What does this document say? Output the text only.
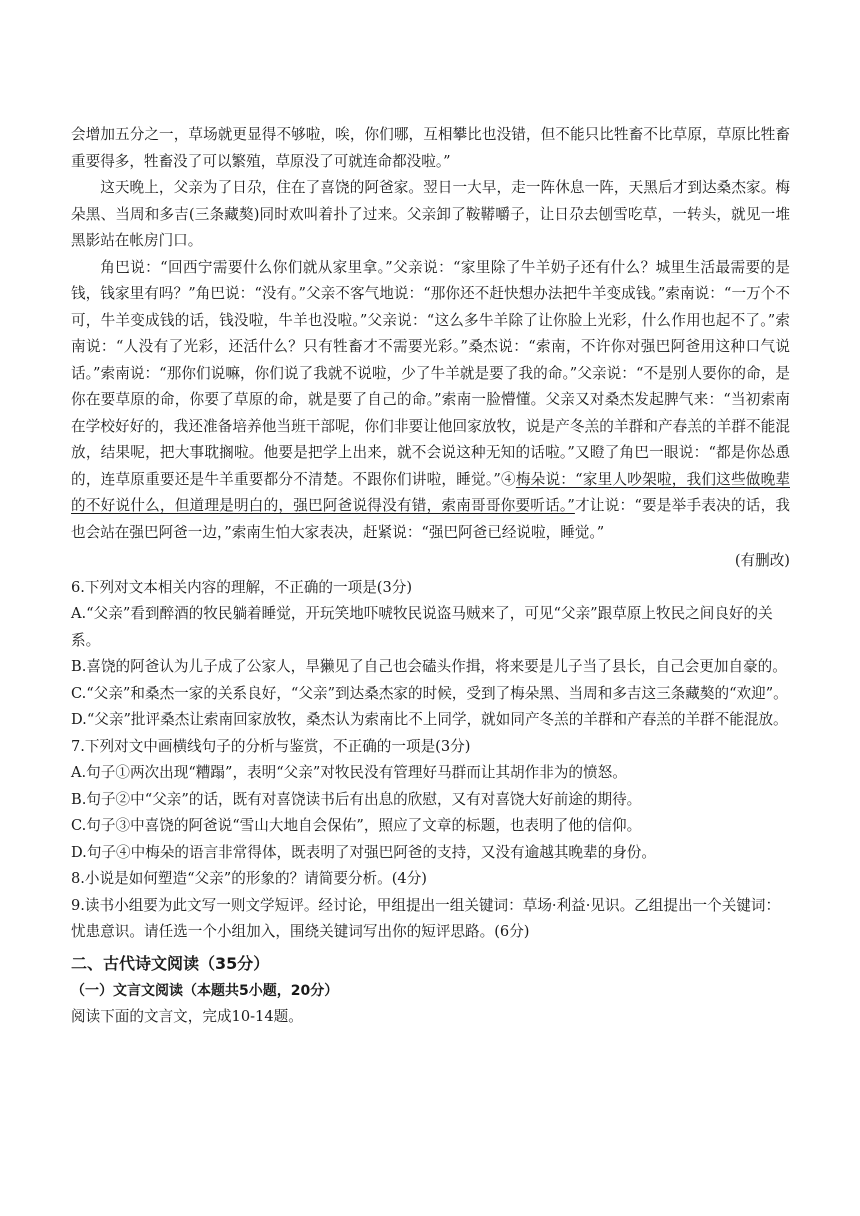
会增加五分之一，草场就更显得不够啦，唉，你们哪，互相攀比也没错，但不能只比牲畜不比草原，草原比牲畜重要得多，牲畜没了可以繁殖，草原没了可就连命都没啦。”

这天晚上，父亲为了日尕，住在了喜饶的阿爸家。翌日一大早，走一阵休息一阵，天黑后才到达桑杰家。梅朵黑、当周和多吉(三条藏獒)同时欢叫着扑了过来。父亲卸了鞍鞯嚼子，让日尕去刨雪吃草，一转头，就见一堆黑影站在帐房门口。

角巴说：“回西宁需要什么你们就从家里拿。”父亲说：“家里除了牛羊奶子还有什么？城里生活最需要的是钱，钱家里有吗？”角巴说：“没有。”父亲不客气地说：“那你还不赶快想办法把牛羊变成钱。”索南说：“一万个不可，牛羊变成钱的话，钱没啦，牛羊也没啦。”父亲说：“这么多牛羊除了让你脸上光彩，什么作用也起不了。”索南说：“人没有了光彩，还活什么？只有牲畜才不需要光彩。”桑杰说：“索南，不许你对强巴阿爸用这种口气说话。”索南说：“那你们说嘛，你们说了我就不说啦，少了牛羊就是要了我的命。”父亲说：“不是别人要你的命，是你在要草原的命，你要了草原的命，就是要了自己的命。”索南一脸懵懂。父亲又对桑杰发起脾气来：“当初索南在学校好好的，我还准备培养他当班干部呢，你们非要让他回家放牧，说是产冬羔的羊群和产春羔的羊群不能混放，结果呢，把大事耽搁啦。他要是把学上出来，就不会说这种无知的话啦。”又瞪了角巴一眼说：“都是你怂恿的，连草原重要还是牛羊重要都分不清楚。不跟你们讲啦，睡觉。”④梅朵说：“家里人吵架啦，我们这些做晚辈的不好说什么，但道理是明白的，强巴阿爸说得没有错，索南哥哥你要听话。”才让说：“要是举手表决的话，我也会站在强巴阿爸一边，”索南生怕大家表决，赶紧说：“强巴阿爸已经说啦，睡觉。”

(有删改)

6.下列对文本相关内容的理解，不正确的一项是(3分)

A.“父亲”看到醉酒的牧民躺着睡觉，开玩笑地吓唬牧民说盗马贼来了，可见“父亲”跟草原上牧民之间良好的关系。

B.喜饶的阿爸认为儿子成了公家人，旱獭见了自己也会磕头作揖，将来要是儿子当了县长，自己会更加自豪的。

C.“父亲”和桑杰一家的关系良好，“父亲”到达桑杰家的时候，受到了梅朵黑、当周和多吉这三条藏獒的“欢迎”。

D.“父亲”批评桑杰让索南回家放牧，桑杰认为索南比不上同学，就如同产冬羔的羊群和产春羔的羊群不能混放。

7.下列对文中画横线句子的分析与鉴赏，不正确的一项是(3分)

A.句子①两次出现“糟蹋”，表明“父亲”对牧民没有管理好马群而让其胡作非为的愤怒。

B.句子②中“父亲”的话，既有对喜饶读书后有出息的欣慰，又有对喜饶大好前途的期待。

C.句子③中喜饶的阿爸说“雪山大地自会保佑”，照应了文章的标题，也表明了他的信仰。

D.句子④中梅朵的语言非常得体，既表明了对强巴阿爸的支持，又没有逾越其晚辈的身份。

8.小说是如何塑造“父亲”的形象的？请简要分析。(4分)

9.读书小组要为此文写一则文学短评。经讨论，甲组提出一组关键词：草场·利益·见识。乙组提出一个关键词：忧患意识。请任选一个小组加入，围绕关键词写出你的短评思路。(6分)

二、古代诗文阅读（35分）

（一）文言文阅读（本题共5小题，20分）

阅读下面的文言文，完成10-14题。
